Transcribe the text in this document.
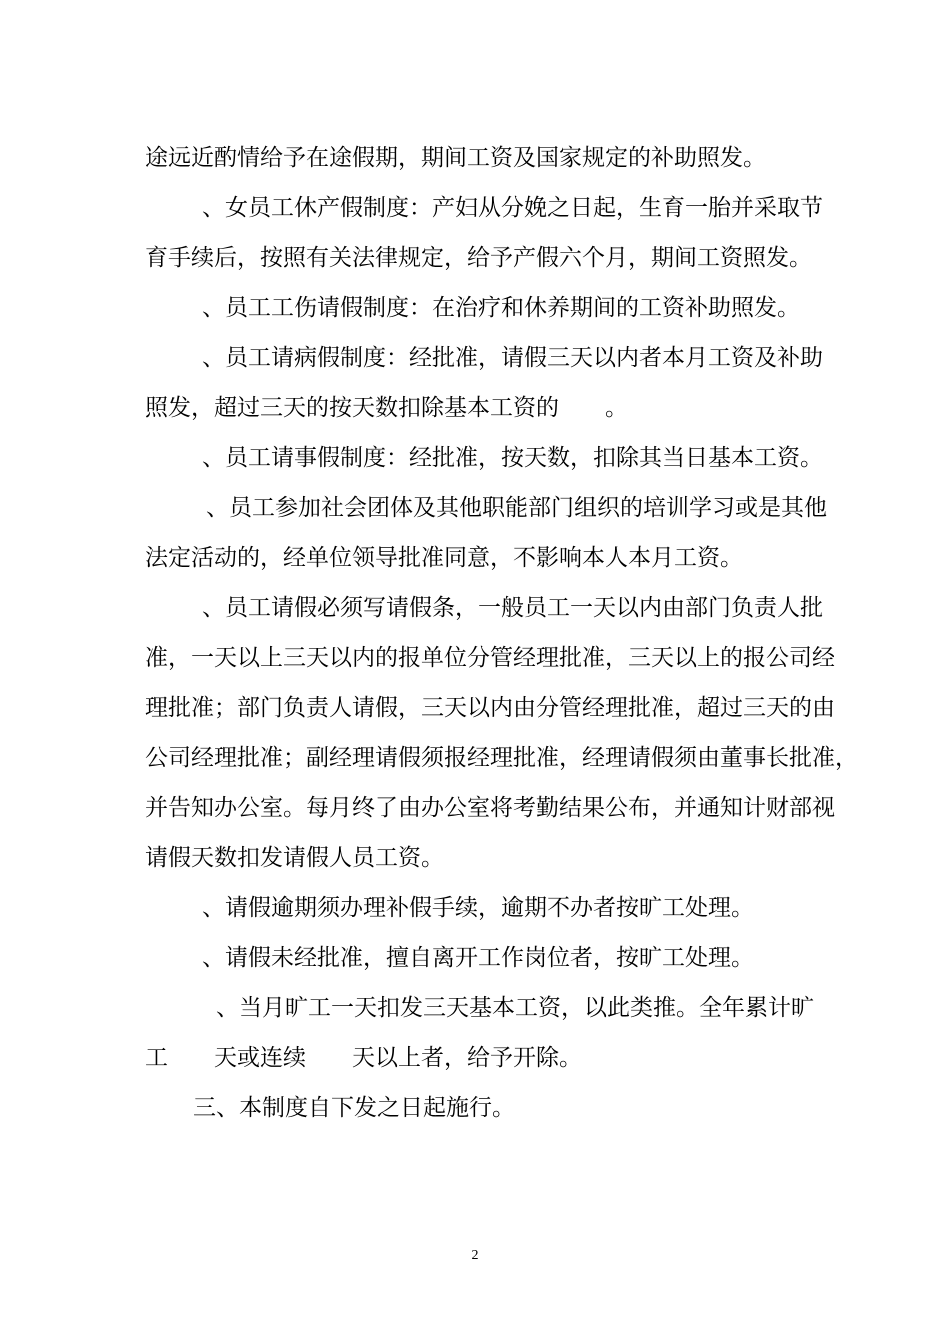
途远近酌情给予在途假期，期间工资及国家规定的补助照发。
、女员工休产假制度：产妇从分娩之日起，生育一胎并采取节
育手续后，按照有关法律规定，给予产假六个月，期间工资照发。
、员工工伤请假制度：在治疗和休养期间的工资补助照发。
、员工请病假制度：经批准，请假三天以内者本月工资及补助
照发，超过三天的按天数扣除基本工资的　　。
、员工请事假制度：经批准，按天数，扣除其当日基本工资。
、员工参加社会团体及其他职能部门组织的培训学习或是其他
法定活动的，经单位领导批准同意，不影响本人本月工资。
、员工请假必须写请假条，一般员工一天以内由部门负责人批
准，一天以上三天以内的报单位分管经理批准，三天以上的报公司经
理批准；部门负责人请假，三天以内由分管经理批准，超过三天的由
公司经理批准；副经理请假须报经理批准，经理请假须由董事长批准，
并告知办公室。每月终了由办公室将考勤结果公布，并通知计财部视
请假天数扣发请假人员工资。
、请假逾期须办理补假手续，逾期不办者按旷工处理。
、请假未经批准，擅自离开工作岗位者，按旷工处理。
、当月旷工一天扣发三天基本工资，以此类推。全年累计旷
工　　天或连续　　天以上者，给予开除。
三、本制度自下发之日起施行。
2
